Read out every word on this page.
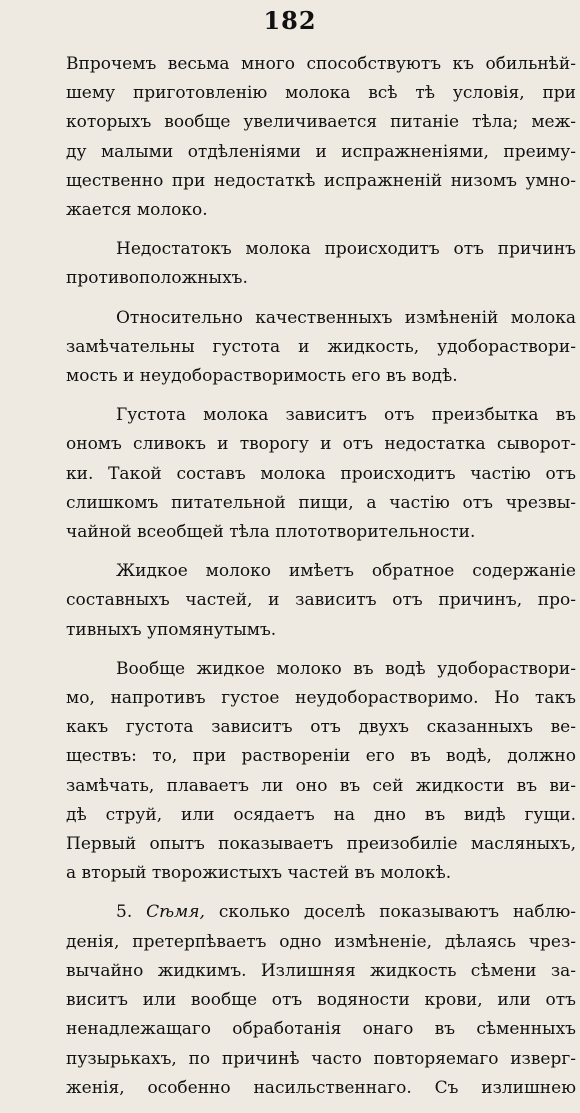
182

Впрочемъ весьма много способствуютъ къ обильнѣй-
шему приготовленію молока всѣ тѣ условія, при
которыхъ вообще увеличивается питаніе тѣла; меж-
ду малыми отдѣленіями и испражненіями, преиму-
щественно при недостаткѣ испражненій низомъ умно-
жается молоко.

Недостатокъ молока происходитъ отъ причинъ
противоположныхъ.

Относительно качественныхъ измѣненій молока
замѣчательны густота и жидкость, удобораствори-
мость и неудоборастворимость его въ водѣ.

Густота молока зависитъ отъ преизбытка въ
ономъ сливокъ и творогу и отъ недостатка сыворот-
ки. Такой составъ молока происходитъ частію отъ
слишкомъ питательной пищи, а частію отъ чрезвы-
чайной всеобщей тѣла плототворительности.

Жидкое молоко имѣетъ обратное содержаніе
составныхъ частей, и зависитъ отъ причинъ, про-
тивныхъ упомянутымъ.

Вообще жидкое молоко въ водѣ удобораствори-
мо, напротивъ густое неудоборастворимо. Но такъ
какъ густота зависитъ отъ двухъ сказанныхъ ве-
ществъ: то, при раствореніи его въ водѣ, должно
замѣчать, плаваетъ ли оно въ сей жидкости въ ви-
дѣ струй, или осядаетъ на дно въ видѣ гущи.
Первый опытъ показываетъ преизобиліе масляныхъ,
а вторый творожистыхъ частей въ молокѣ.

5. Сѣмя, сколько доселѣ показываютъ наблю-
денія, претерпѣваетъ одно измѣненіе, дѣлаясь чрез-
вычайно жидкимъ. Излишняя жидкость сѣмени за-
виситъ или вообще отъ водяности крови, или отъ
ненадлежащаго обработанія онаго въ сѣменныхъ
пузырькахъ, по причинѣ часто повторяемаго изверг-
женія, особенно насильственнаго. Съ излишнею
